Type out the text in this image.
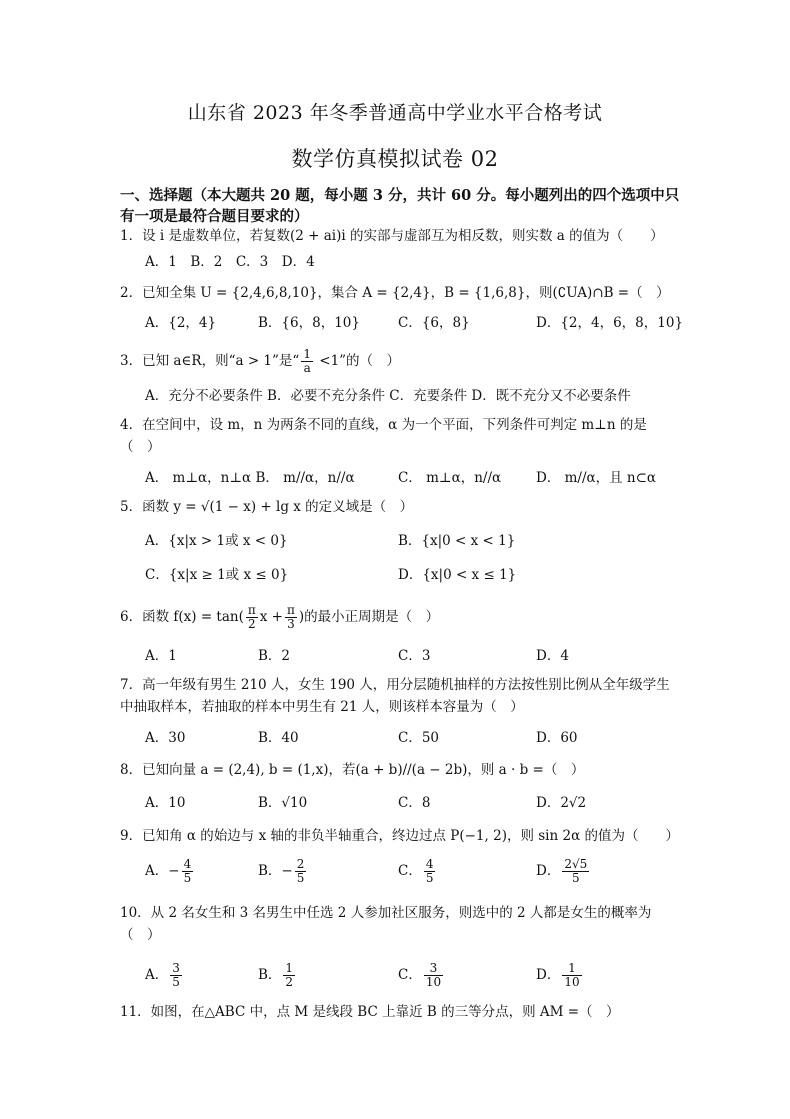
山东省 2023 年冬季普通高中学业水平合格考试
数学仿真模拟试卷 02
一、选择题（本大题共 20 题，每小题 3 分，共计 60 分。每小题列出的四个选项中只有一项是最符合题目要求的）
1．设 i 是虚数单位，若复数(2 + ai)i 的实部与虚部互为相反数，则实数 a 的值为（　　）
A．1　B．2　C．3　D．4
2．已知全集 U = {2,4,6,8,10}，集合 A = {2,4}，B = {1,6,8}，则(∁UA)∩B =（　）
A．{2，4}	B．{6，8，10}	C．{6，8}	D．{2，4，6，8，10}
3．已知 a∈R，则“a > 1”是“ $\frac{1}{a} <1$”的（　）
A．充分不必要条件 B．必要不充分条件 C．充要条件 D．既不充分又不必要条件
4．在空间中，设 m，n 为两条不同的直线，α 为一个平面，下列条件可判定 m⊥n 的是（　）
A． m⊥α，n⊥α B． m//α，n//α	C． m⊥α，n//α	D． m//α，且 n⊂α
5．函数 y = √(1 − x) + lg x 的定义域是（　）
A．{x|x > 1或 x < 0}	B．{x|0 < x < 1}
C．{x|x ≥ 1或 x ≤ 0}	D．{x|0 < x ≤ 1}
6．函数 $f(x) = \tan( \frac{\pi}{2}$ $x + \frac{\pi}{3}$ )的最小正周期是（　）
A．1	B．2	C．3	D．4
7．高一年级有男生 210 人，女生 190 人，用分层随机抽样的方法按性别比例从全年级学生中抽取样本，若抽取的样本中男生有 21 人，则该样本容量为（　）
A．30	B．40	C．50	D．60
8．已知向量 a = (2,4), b = (1,x)，若(a + b)//(a − 2b)，则 a · b =（　）
A．10	B．√10	C．8	D．2√2
9．已知角 α 的始边与 x 轴的非负半轴重合，终边过点 P(−1, 2)，则 sin 2α 的值为（　　）
A．− $\frac{4}{5}$	B．− $\frac{2}{5}$	C． $\frac{4}{5}$	D． $\frac{2√5}{5}$
10．从 2 名女生和 3 名男生中任选 2 人参加社区服务，则选中的 2 人都是女生的概率为（　）
A． $\frac{3}{5}$	B． $\frac{1}{2}$	C． $\frac{3}{10}$	D． $\frac{1}{10}$
11．如图，在△ABC 中，点 M 是线段 BC 上靠近 B 的三等分点，则 AM =（　）
